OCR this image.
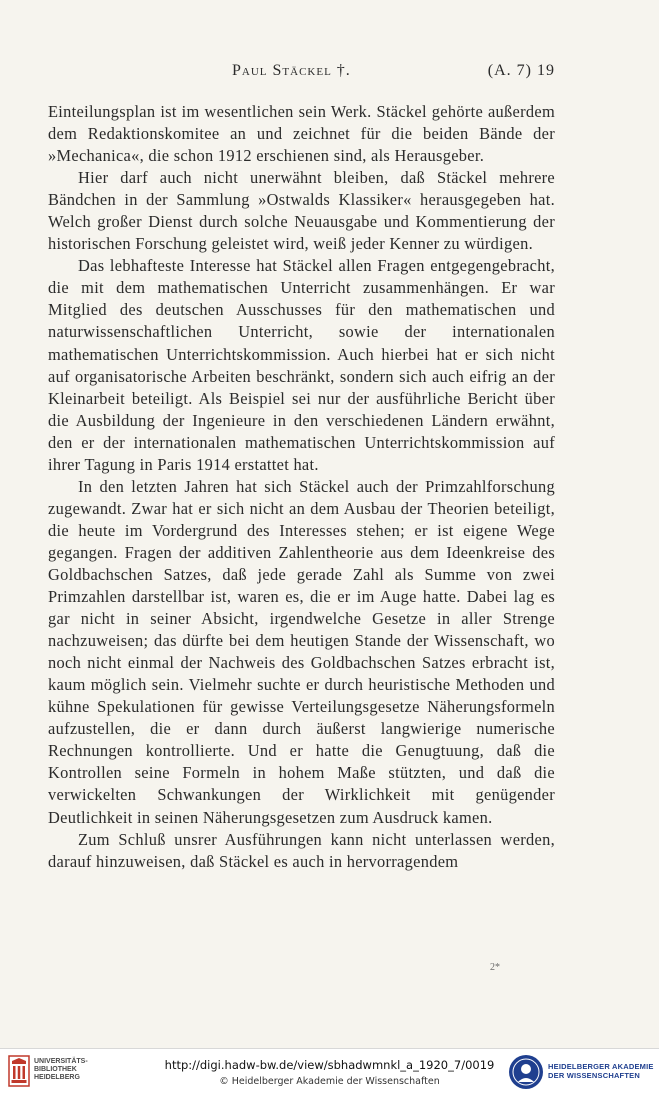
Paul Stäckel †.	(A. 7) 19

Einteilungsplan ist im wesentlichen sein Werk. Stäckel gehörte außerdem dem Redaktionskomitee an und zeichnet für die beiden Bände der »Mechanica«, die schon 1912 erschienen sind, als Herausgeber.

Hier darf auch nicht unerwähnt bleiben, daß Stäckel mehrere Bändchen in der Sammlung »Ostwalds Klassiker« herausgegeben hat. Welch großer Dienst durch solche Neuausgabe und Kommentierung der historischen Forschung geleistet wird, weiß jeder Kenner zu würdigen.

Das lebhafteste Interesse hat Stäckel allen Fragen entgegengebracht, die mit dem mathematischen Unterricht zusammenhängen. Er war Mitglied des deutschen Ausschusses für den mathematischen und naturwissenschaftlichen Unterricht, sowie der internationalen mathematischen Unterrichtskommission. Auch hierbei hat er sich nicht auf organisatorische Arbeiten beschränkt, sondern sich auch eifrig an der Kleinarbeit beteiligt. Als Beispiel sei nur der ausführliche Bericht über die Ausbildung der Ingenieure in den verschiedenen Ländern erwähnt, den er der internationalen mathematischen Unterrichtskommission auf ihrer Tagung in Paris 1914 erstattet hat.

In den letzten Jahren hat sich Stäckel auch der Primzahlforschung zugewandt. Zwar hat er sich nicht an dem Ausbau der Theorien beteiligt, die heute im Vordergrund des Interesses stehen; er ist eigene Wege gegangen. Fragen der additiven Zahlentheorie aus dem Ideenkreise des Goldbachschen Satzes, daß jede gerade Zahl als Summe von zwei Primzahlen darstellbar ist, waren es, die er im Auge hatte. Dabei lag es gar nicht in seiner Absicht, irgendwelche Gesetze in aller Strenge nachzuweisen; das dürfte bei dem heutigen Stande der Wissenschaft, wo noch nicht einmal der Nachweis des Goldbachschen Satzes erbracht ist, kaum möglich sein. Vielmehr suchte er durch heuristische Methoden und kühne Spekulationen für gewisse Verteilungsgesetze Näherungsformeln aufzustellen, die er dann durch äußerst langwierige numerische Rechnungen kontrollierte. Und er hatte die Genugtuung, daß die Kontrollen seine Formeln in hohem Maße stützten, und daß die verwickelten Schwankungen der Wirklichkeit mit genügender Deutlichkeit in seinen Näherungsgesetzen zum Ausdruck kamen.

Zum Schluß unsrer Ausführungen kann nicht unterlassen werden, darauf hinzuweisen, daß Stäckel es auch in hervorragendem

2*
UNIVERSITÄTS-
BIBLIOTHEK
HEIDELBERG
http://digi.hadw-bw.de/view/sbhadwmnkl_a_1920_7/0019
© Heidelberger Akademie der Wissenschaften
HEIDELBERGER AKADEMIE
DER WISSENSCHAFTEN
